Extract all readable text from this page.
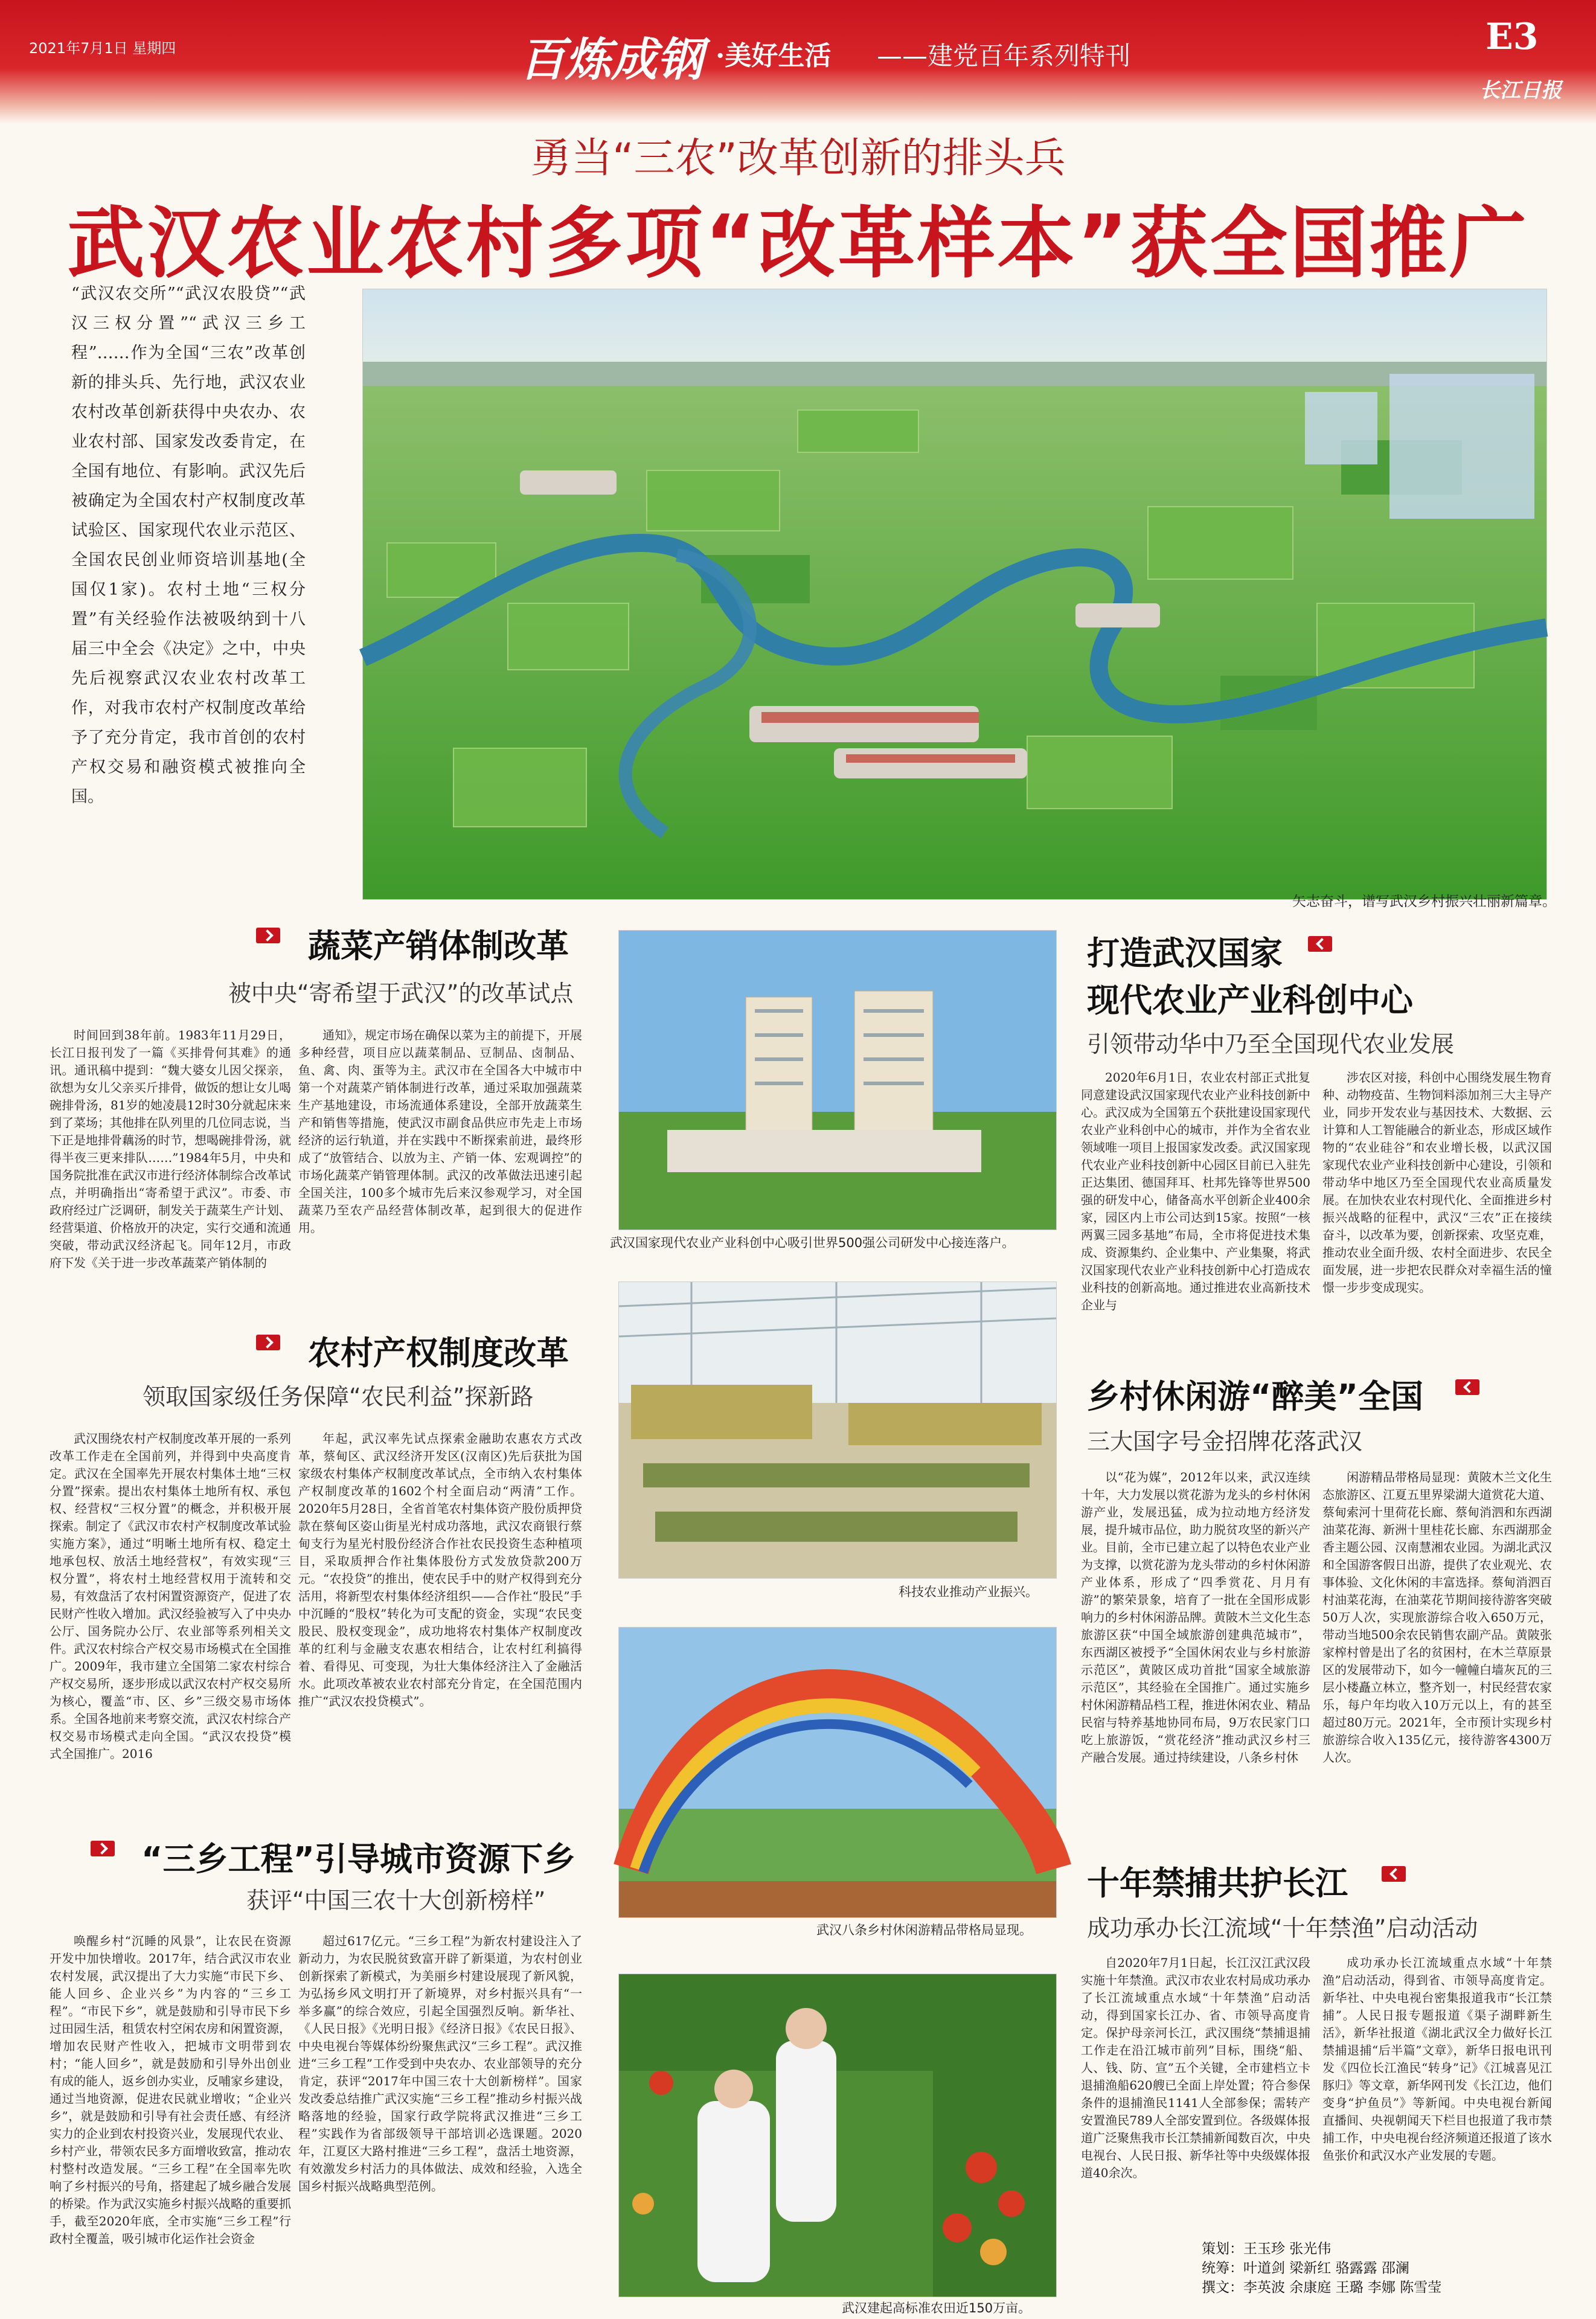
2021年7月1日 星期四	百炼成钢 ·美好生活 ——建党百年系列特刊	E3
长江日报
勇当“三农”改革创新的排头兵
武汉农业农村多项“改革样本”获全国推广
“武汉农交所”“武汉农股贷”“武汉三权分置”“武汉三乡工程”……作为全国“三农”改革创新的排头兵、先行地，武汉农业农村改革创新获得中央农办、农业农村部、国家发改委肯定，在全国有地位、有影响。武汉先后被确定为全国农村产权制度改革试验区、国家现代农业示范区、全国农民创业师资培训基地(全国仅1家)。农村土地“三权分置”有关经验作法被吸纳到十八届三中全会《决定》之中，中央先后视察武汉农业农村改革工作，对我市农村产权制度改革给予了充分肯定，我市首创的农村产权交易和融资模式被推向全国。
矢志奋斗，谱写武汉乡村振兴壮丽新篇章。
蔬菜产销体制改革
被中央“寄希望于武汉”的改革试点
时间回到38年前。1983年11月29日，长江日报刊发了一篇《买排骨何其难》的通讯。通讯稿中提到：“魏大婆女儿因父探亲，欲想为女儿父亲买斤排骨，做饭的想让女儿喝碗排骨汤，81岁的她凌晨12时30分就起床来到了菜场；其他排在队列里的几位同志说，当下正是地排骨藕汤的时节，想喝碗排骨汤，就得半夜三更来排队……”1984年5月，中央和国务院批准在武汉市进行经济体制综合改革试点，并明确指出“寄希望于武汉”。市委、市政府经过广泛调研，制发关于蔬菜生产计划、经营渠道、价格放开的决定，实行交通和流通突破，带动武汉经济起飞。同年12月，市政府下发《关于进一步改革蔬菜产销体制的
通知》，规定市场在确保以菜为主的前提下，开展多种经营，项目应以蔬菜制品、豆制品、卤制品、鱼、禽、肉、蛋等为主。武汉市在全国各大中城市中第一个对蔬菜产销体制进行改革，通过采取加强蔬菜生产基地建设，市场流通体系建设，全部开放蔬菜生产和销售等措施，使武汉市副食品供应市先走上市场经济的运行轨道，并在实践中不断探索前进，最终形成了“放管结合、以放为主、产销一体、宏观调控”的市场化蔬菜产销管理体制。武汉的改革做法迅速引起全国关注，100多个城市先后来汉参观学习，对全国蔬菜乃至农产品经营体制改革，起到很大的促进作用。
农村产权制度改革
领取国家级任务保障“农民利益”探新路
武汉围绕农村产权制度改革开展的一系列改革工作走在全国前列，并得到中央高度肯定。武汉在全国率先开展农村集体土地“三权分置”探索。提出农村集体土地所有权、承包权、经营权“三权分置”的概念，并积极开展探索。制定了《武汉市农村产权制度改革试验实施方案》，通过“明晰土地所有权、稳定土地承包权、放活土地经营权”，有效实现“三权分置”，将农村土地经营权用于流转和交易，有效盘活了农村闲置资源资产，促进了农民财产性收入增加。武汉经验被写入了中央办公厅、国务院办公厅、农业部等系列相关文件。武汉农村综合产权交易市场模式在全国推广。2009年，我市建立全国第二家农村综合产权交易所，逐步形成以武汉农村产权交易所为核心，覆盖“市、区、乡”三级交易市场体系。全国各地前来考察交流，武汉农村综合产权交易市场模式走向全国。“武汉农投贷”模式全国推广。2016
年起，武汉率先试点探索金融助农惠农方式改革，蔡甸区、武汉经济开发区(汉南区)先后获批为国家级农村集体产权制度改革试点，全市纳入农村集体产权制度改革的1602个村全面启动“两清”工作。2020年5月28日，全省首笔农村集体资产股份质押贷款在蔡甸区姿山街星光村成功落地，武汉农商银行蔡甸支行为星光村股份经济合作社农民投资生态种植项目，采取质押合作社集体股份方式发放贷款200万元。“农投贷”的推出，使农民手中的财产权得到充分活用，将新型农村集体经济组织——合作社“股民”手中沉睡的“股权”转化为可支配的资金，实现“农民变股民、股权变现金”，成功地将农村集体产权制度改革的红利与金融支农惠农相结合，让农村红利搞得着、看得见、可变现，为壮大集体经济注入了金融活水。此项改革被农业农村部充分肯定，在全国范围内推广“武汉农投贷模式”。
“三乡工程”引导城市资源下乡
获评“中国三农十大创新榜样”
唤醒乡村“沉睡的风景”，让农民在资源开发中加快增收。2017年，结合武汉市农业农村发展，武汉提出了大力实施“市民下乡、能人回乡、企业兴乡”为内容的“三乡工程”。“市民下乡”，就是鼓励和引导市民下乡过田园生活，租赁农村空闲农房和闲置资源，增加农民财产性收入，把城市文明带到农村；“能人回乡”，就是鼓励和引导外出创业有成的能人，返乡创办实业，反哺家乡建设，通过当地资源，促进农民就业增收；“企业兴乡”，就是鼓励和引导有社会责任感、有经济实力的企业到农村投资兴业，发展现代农业、乡村产业，带领农民多方面增收致富，推动农村整村改造发展。“三乡工程”在全国率先吹响了乡村振兴的号角，搭建起了城乡融合发展的桥梁。作为武汉实施乡村振兴战略的重要抓手，截至2020年底，全市实施“三乡工程”行政村全覆盖，吸引城市化运作社会资金
超过617亿元。“三乡工程”为新农村建设注入了新动力，为农民脱贫致富开辟了新渠道，为农村创业创新探索了新模式，为美丽乡村建设展现了新风貌，为弘扬乡风文明打开了新境界，对乡村振兴具有“一举多赢”的综合效应，引起全国强烈反响。新华社、《人民日报》《光明日报》《经济日报》《农民日报》、中央电视台等媒体纷纷聚焦武汉“三乡工程”。武汉推进“三乡工程”工作受到中央农办、农业部领导的充分肯定，获评“2017年中国三农十大创新榜样”。国家发改委总结推广武汉实施“三乡工程”推动乡村振兴战略落地的经验，国家行政学院将武汉推进“三乡工程”实践作为省部级领导干部培训必选课题。2020年，江夏区大路村推进“三乡工程”，盘活土地资源，有效激发乡村活力的具体做法、成效和经验，入选全国乡村振兴战略典型范例。
武汉国家现代农业产业科创中心吸引世界500强公司研发中心接连落户。
科技农业推动产业振兴。
武汉八条乡村休闲游精品带格局显现。
武汉建起高标准农田近150万亩。
打造武汉国家
现代农业产业科创中心
引领带动华中乃至全国现代农业发展
2020年6月1日，农业农村部正式批复同意建设武汉国家现代农业产业科技创新中心。武汉成为全国第五个获批建设国家现代农业产业科创中心的城市，并作为全省农业领域唯一项目上报国家发改委。武汉国家现代农业产业科技创新中心园区目前已入驻先正达集团、德国拜耳、杜邦先锋等世界500强的研发中心，储备高水平创新企业400余家，园区内上市公司达到15家。按照“一核两翼三园多基地”布局，全市将促进技术集成、资源集约、企业集中、产业集聚，将武汉国家现代农业产业科技创新中心打造成农业科技的创新高地。通过推进农业高新技术企业与
涉农区对接，科创中心围绕发展生物育种、动物疫苗、生物饲料添加剂三大主导产业，同步开发农业与基因技术、大数据、云计算和人工智能融合的新业态，形成区域作物的“农业硅谷”和农业增长极，以武汉国家现代农业产业科技创新中心建设，引领和带动华中地区乃至全国现代农业高质量发展。在加快农业农村现代化、全面推进乡村振兴战略的征程中，武汉“三农”正在接续奋斗，以改革为要，创新探索、攻坚克难，推动农业全面升级、农村全面进步、农民全面发展，进一步把农民群众对幸福生活的憧憬一步步变成现实。
乡村休闲游“醉美”全国
三大国字号金招牌花落武汉
以“花为媒”，2012年以来，武汉连续十年，大力发展以赏花游为龙头的乡村休闲游产业，发展迅猛，成为拉动地方经济发展，提升城市品位，助力脱贫攻坚的新兴产业。目前，全市已建立起了以特色农业产业为支撑，以赏花游为龙头带动的乡村休闲游产业体系，形成了“四季赏花、月月有游”的繁荣景象，培育了一批在全国形成影响力的乡村休闲游品牌。黄陂木兰文化生态旅游区获“中国全域旅游创建典范城市”，东西湖区被授予“全国休闲农业与乡村旅游示范区”，黄陂区成功首批“国家全域旅游示范区”，其经验在全国推广。通过实施乡村休闲游精品档工程，推进休闲农业、精品民宿与特养基地协同布局，9万农民家门口吃上旅游饭，“赏花经济”推动武汉乡村三产融合发展。通过持续建设，八条乡村休
闲游精品带格局显现：黄陂木兰文化生态旅游区、江夏五里界梁湖大道赏花大道、蔡甸索河十里荷花长廊、蔡甸消泗和东西湖油菜花海、新洲十里桂花长廊、东西湖那金香主题公园、汉南慧湘农业园。为湖北武汉和全国游客假日出游，提供了农业观光、农事体验、文化休闲的丰富选择。蔡甸消泗百村油菜花海，在油菜花节期间接待游客突破50万人次，实现旅游综合收入650万元，带动当地500余农民销售农副产品。黄陂张家榨村曾是出了名的贫困村，在木兰草原景区的发展带动下，如今一幢幢白墙灰瓦的三层小楼矗立林立，整齐划一，村民经营农家乐，每户年均收入10万元以上，有的甚至超过80万元。2021年，全市预计实现乡村旅游综合收入135亿元，接待游客4300万人次。
十年禁捕共护长江
成功承办长江流域“十年禁渔”启动活动
自2020年7月1日起，长江汉江武汉段实施十年禁渔。武汉市农业农村局成功承办了长江流域重点水域“十年禁渔”启动活动，得到国家长江办、省、市领导高度肯定。保护母亲河长江，武汉围绕“禁捕退捕工作走在沿江城市前列”目标，围绕“船、人、钱、防、宣”五个关键，全市建档立卡退捕渔船620艘已全面上岸处置；符合参保条件的退捕渔民1141人全部参保；需转产安置渔民789人全部安置到位。各级媒体报道广泛聚焦我市长江禁捕新闻数百次，中央电视台、人民日报、新华社等中央级媒体报道40余次。
成功承办长江流域重点水域“十年禁渔”启动活动，得到省、市领导高度肯定。新华社、中央电视台密集报道我市“长江禁捕”。人民日报专题报道《渠子湖畔新生活》，新华社报道《湖北武汉全力做好长江禁捕退捕“后半篇”文章》，新华日报电讯刊发《四位长江渔民“转身”记》《江城喜见江豚归》等文章，新华网刊发《长江边，他们变身“护鱼员”》等新闻。中央电视台新闻直播间、央视朝闻天下栏目也报道了我市禁捕工作，中央电视台经济频道还报道了该水鱼张价和武汉水产业发展的专题。
策划：王玉珍 张光伟
统筹：叶道剑 梁新红 骆露露 邵澜
撰文：李英波 余康庭 王璐 李娜 陈雪莹
